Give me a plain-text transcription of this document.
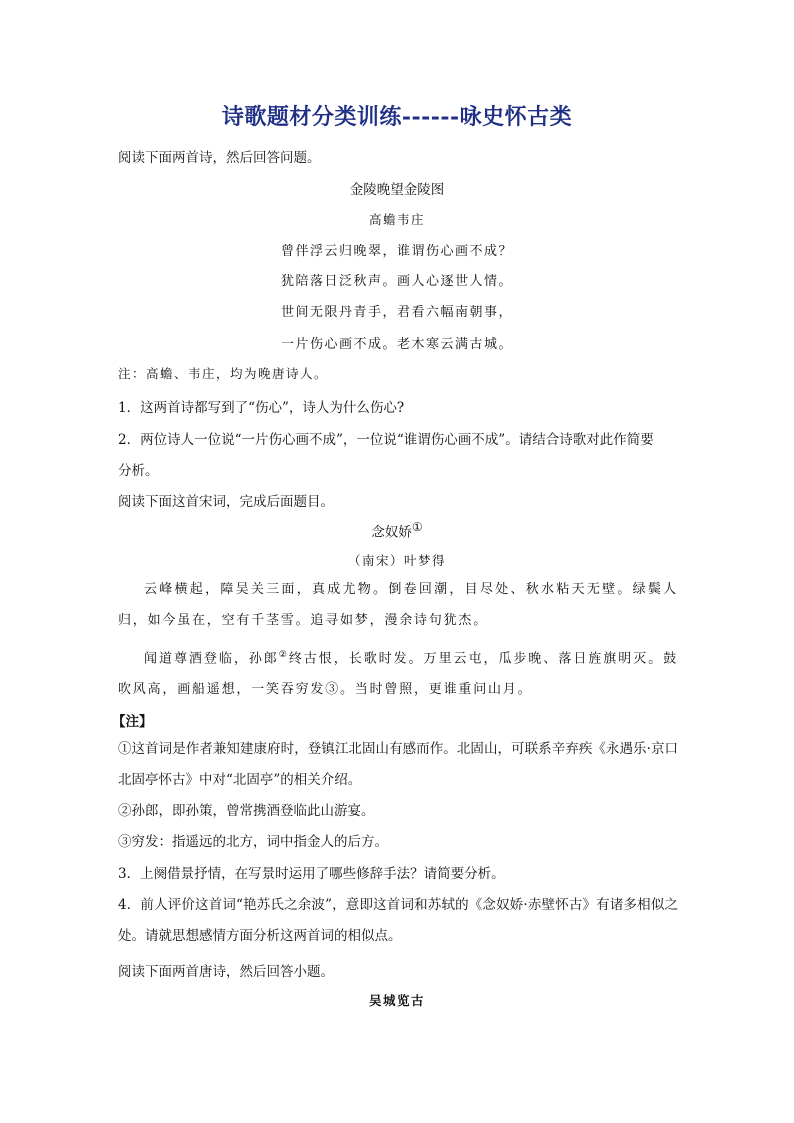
诗歌题材分类训练------咏史怀古类
阅读下面两首诗，然后回答问题。
金陵晚望金陵图
高蟾韦庄
曾伴浮云归晚翠，谁谓伤心画不成？
犹陪落日泛秋声。画人心逐世人情。
世间无限丹青手，君看六幅南朝事，
一片伤心画不成。老木寒云满古城。
注：高蟾、韦庄，均为晚唐诗人。
1．这两首诗都写到了“伤心”，诗人为什么伤心?
2．两位诗人一位说“一片伤心画不成”，一位说“谁谓伤心画不成”。请结合诗歌对此作简要
分析。
阅读下面这首宋词，完成后面题目。
念奴娇①
（南宋）叶梦得
云峰横起，障吴关三面，真成尤物。倒卷回潮，目尽处、秋水粘天无壁。绿鬓人归，如今虽在，空有千茎雪。追寻如梦，漫余诗句犹杰。
闻道尊酒登临，孙郎②终古恨，长歌时发。万里云屯，瓜步晚、落日旌旗明灭。鼓吹风高，画船遥想，一笑吞穷发③。当时曾照，更谁重问山月。
【注】
①这首词是作者兼知建康府时，登镇江北固山有感而作。北固山，可联系辛弃疾《永遇乐·京口北固亭怀古》中对“北固亭”的相关介绍。
②孙郎，即孙策，曾常携酒登临此山游宴。
③穷发：指遥远的北方，词中指金人的后方。
3．上阕借景抒情，在写景时运用了哪些修辞手法？请简要分析。
4．前人评价这首词“艳苏氏之余波”，意即这首词和苏轼的《念奴娇·赤壁怀古》有诸多相似之处。请就思想感情方面分析这两首词的相似点。
阅读下面两首唐诗，然后回答小题。
吴城览古
